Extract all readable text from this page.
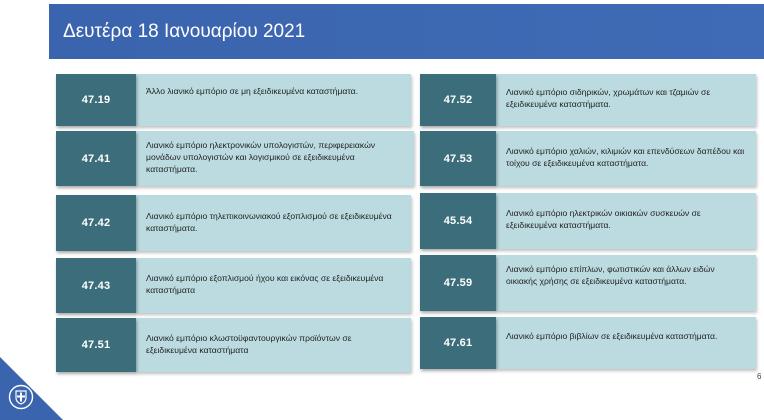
Δευτέρα 18 Ιανουαρίου 2021
47.19
Άλλο λιανικό εμπόριο σε μη εξειδικευμένα καταστήματα.
47.41
Λιανικό εμπόριο ηλεκτρονικών υπολογιστών, περιφερειακών μονάδων υπολογιστών και λογισμικού σε εξειδικευμένα καταστήματα.
47.42
Λιανικό εμπόριο τηλεπικοινωνιακού εξοπλισμού σε εξειδικευμένα καταστήματα.
47.43
Λιανικό εμπόριο εξοπλισμού ήχου και εικόνας σε εξειδικευμένα καταστήματα
47.51
Λιανικό εμπόριο κλωστοϋφαντουργικών προϊόντων σε εξειδικευμένα καταστήματα
47.52
Λιανικό εμπόριο σιδηρικών, χρωμάτων και τζαμιών σε εξειδικευμένα καταστήματα.
47.53
Λιανικό εμπόριο χαλιών, κιλιμιών και επενδύσεων δαπέδου και τοίχου σε εξειδικευμένα καταστήματα.
45.54
Λιανικό εμπόριο ηλεκτρικών οικιακών συσκευών σε εξειδικευμένα καταστήματα.
47.59
Λιανικό εμπόριο επίπλων, φωτιστικών και άλλων ειδών οικιακής χρήσης σε εξειδικευμένα καταστήματα.
47.61
Λιανικό εμπόριο βιβλίων σε εξειδικευμένα καταστήματα.
6
